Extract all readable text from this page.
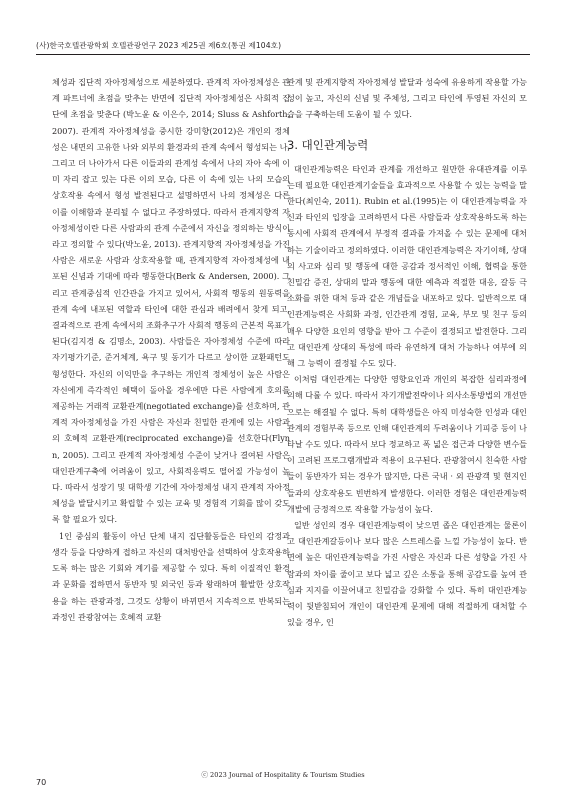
(사)한국호텔관광학회 호텔관광연구 2023 제25권 제6호(통권 제104호)

체성과 집단적 자아정체성으로 세분하였다. 관계적 자아정체성은 관계 파트너에 초점을 맞추는 반면에 집단적 자아정체성은 사회적 집단에 초점을 맞춘다 (박노윤 & 이은수, 2014; Sluss & Ashforth, 2007). 관계적 자아정체성을 중시한 강미향(2012)은 개인의 정체성은 내면의 고유한 나와 외부의 환경과의 관계 속에서 형성되는 나, 그리고 더 나아가서 다른 이들과의 관계성 속에서 나의 자아 속에 이미 자리 잡고 있는 다른 이의 모습, 다른 이 속에 있는 나의 모습의 상호작용 속에서 형성 발전된다고 설명하면서 나의 정체성은 다른 이를 이해함과 분리될 수 없다고 주장하였다. 따라서 관계지향적 자아정체성이란 다른 사람과의 관계 수준에서 자신을 정의하는 방식이라고 정의할 수 있다(박노윤, 2013). 관계지향적 자아정체성을 가진 사람은 새로운 사람과 상호작용할 때, 관계지향적 자아정체성에 내포된 신념과 기대에 따라 행동한다(Berk & Andersen, 2000). 그리고 관계중심적 인간관을 가지고 있어서, 사회적 행동의 원동력을 관계 속에 내포된 역할과 타인에 대한 관심과 배려에서 찾게 되고, 결과적으로 관계 속에서의 조화추구가 사회적 행동의 근본적 목표가 된다(김지경 & 김명소, 2003). 사람들은 자아정체성 수준에 따라 자기평가기준, 준거체계, 욕구 및 동기가 다르고 상이한 교환패턴도 형성한다. 자신의 이익만을 추구하는 개인적 정체성이 높은 사람은 자신에게 즉각적인 혜택이 돌아올 경우에만 다른 사람에게 호의를 제공하는 거래적 교환관계(negotiated exchange)를 선호하며, 관계적 자아정체성을 가진 사람은 자신과 친밀한 관계에 있는 사람과의 호혜적 교환관계(reciprocated exchange)를 선호한다(Flynn, 2005). 그리고 관계적 자아정체성 수준이 낮거나 결여된 사람은 대인관계구축에 어려움이 있고, 사회적응력도 떨어질 가능성이 높다. 따라서 성장기 및 대학생 기간에 자아정체성 내지 관계적 자아정체성을 발달시키고 확립할 수 있는 교육 및 경험적 기회를 많이 갖도록 할 필요가 있다.

1인 중심의 활동이 아닌 단체 내지 집단활동들은 타인의 감정과 생각 등을 다양하게 접하고 자신의 대처방안을 선택하여 상호작용하도록 하는 많은 기회와 계기를 제공할 수 있다. 특히 이질적인 환경과 문화를 접하면서 동반자 및 외국인 등과 왕래하며 활발한 상호작용을 하는 관광과정, 그것도 상황이 바뀌면서 지속적으로 반복되는 과정인 관광참여는 호혜적 교환

관계 및 관계지향적 자아정체성 발달과 성숙에 유용하게 작용할 가능성이 높고, 자신의 신념 및 주체성, 그리고 타인에 투영된 자신의 모습을 구축하는데 도움이 될 수 있다.

3. 대인관계능력

대인관계능력은 타인과 관계를 개선하고 원만한 유대관계를 이루는데 필요한 대인관계기술들을 효과적으로 사용할 수 있는 능력을 말한다(최인숙, 2011). Rubin et al.(1995)는 이 대인관계능력을 자신과 타인의 입장을 고려하면서 다른 사람들과 상호작용하도록 하는 동시에 사회적 관계에서 부정적 결과를 가져올 수 있는 문제에 대처하는 기술이라고 정의하였다. 이러한 대인관계능력은 자기이해, 상대의 사고와 심리 및 행동에 대한 공감과 정서적인 이해, 협력을 통한 친밀감 증진, 상대의 말과 행동에 대한 예측과 적절한 대응, 갈등 극소화를 위한 대처 등과 같은 개념들을 내포하고 있다. 일반적으로 대인관계능력은 사회화 과정, 인간관계 경험, 교육, 부모 및 친구 등의 매우 다양한 요인의 영향을 받아 그 수준이 결정되고 발전한다. 그리고 대인관계 상대의 특성에 따라 유연하게 대처 가능하나 여부에 의해 그 능력이 결정될 수도 있다.

이처럼 대인관계는 다양한 영향요인과 개인의 복잡한 심리과정에 의해 다룰 수 있다. 따라서 자기개발전략이나 의사소통방법의 개선만으로는 해결될 수 없다. 특히 대학생들은 아직 미성숙한 인성과 대인관계의 경험부족 등으로 인해 대인관계의 두려움이나 기피증 등이 나타날 수도 있다. 따라서 보다 정교하고 폭 넓은 접근과 다양한 변수들이 고려된 프로그램개발과 적용이 요구된다. 관광참여시 친숙한 사람들이 동반자가 되는 경우가 많지만, 다른 국내 · 외 관광객 및 현지인들과의 상호작용도 빈번하게 발생한다. 이러한 경험은 대인관계능력 개발에 긍정적으로 작용할 가능성이 높다.

일반 성인의 경우 대인관계능력이 낮으면 좁은 대인관계는 물론이고 대인관계갈등이나 보다 많은 스트레스를 느낄 가능성이 높다. 반면에 높은 대인관계능력을 가진 사람은 자신과 다른 성향을 가진 사람과의 차이를 줄이고 보다 넓고 깊은 소통을 통해 공감도를 높여 관심과 지지를 이끌어내고 친밀감을 강화할 수 있다. 특히 대인관계능력이 뒷받침되어 개인이 대인관계 문제에 대해 적절하게 대처할 수 있을 경우, 인

ⓒ 2023 Journal of Hospitality & Tourism Studies
70
